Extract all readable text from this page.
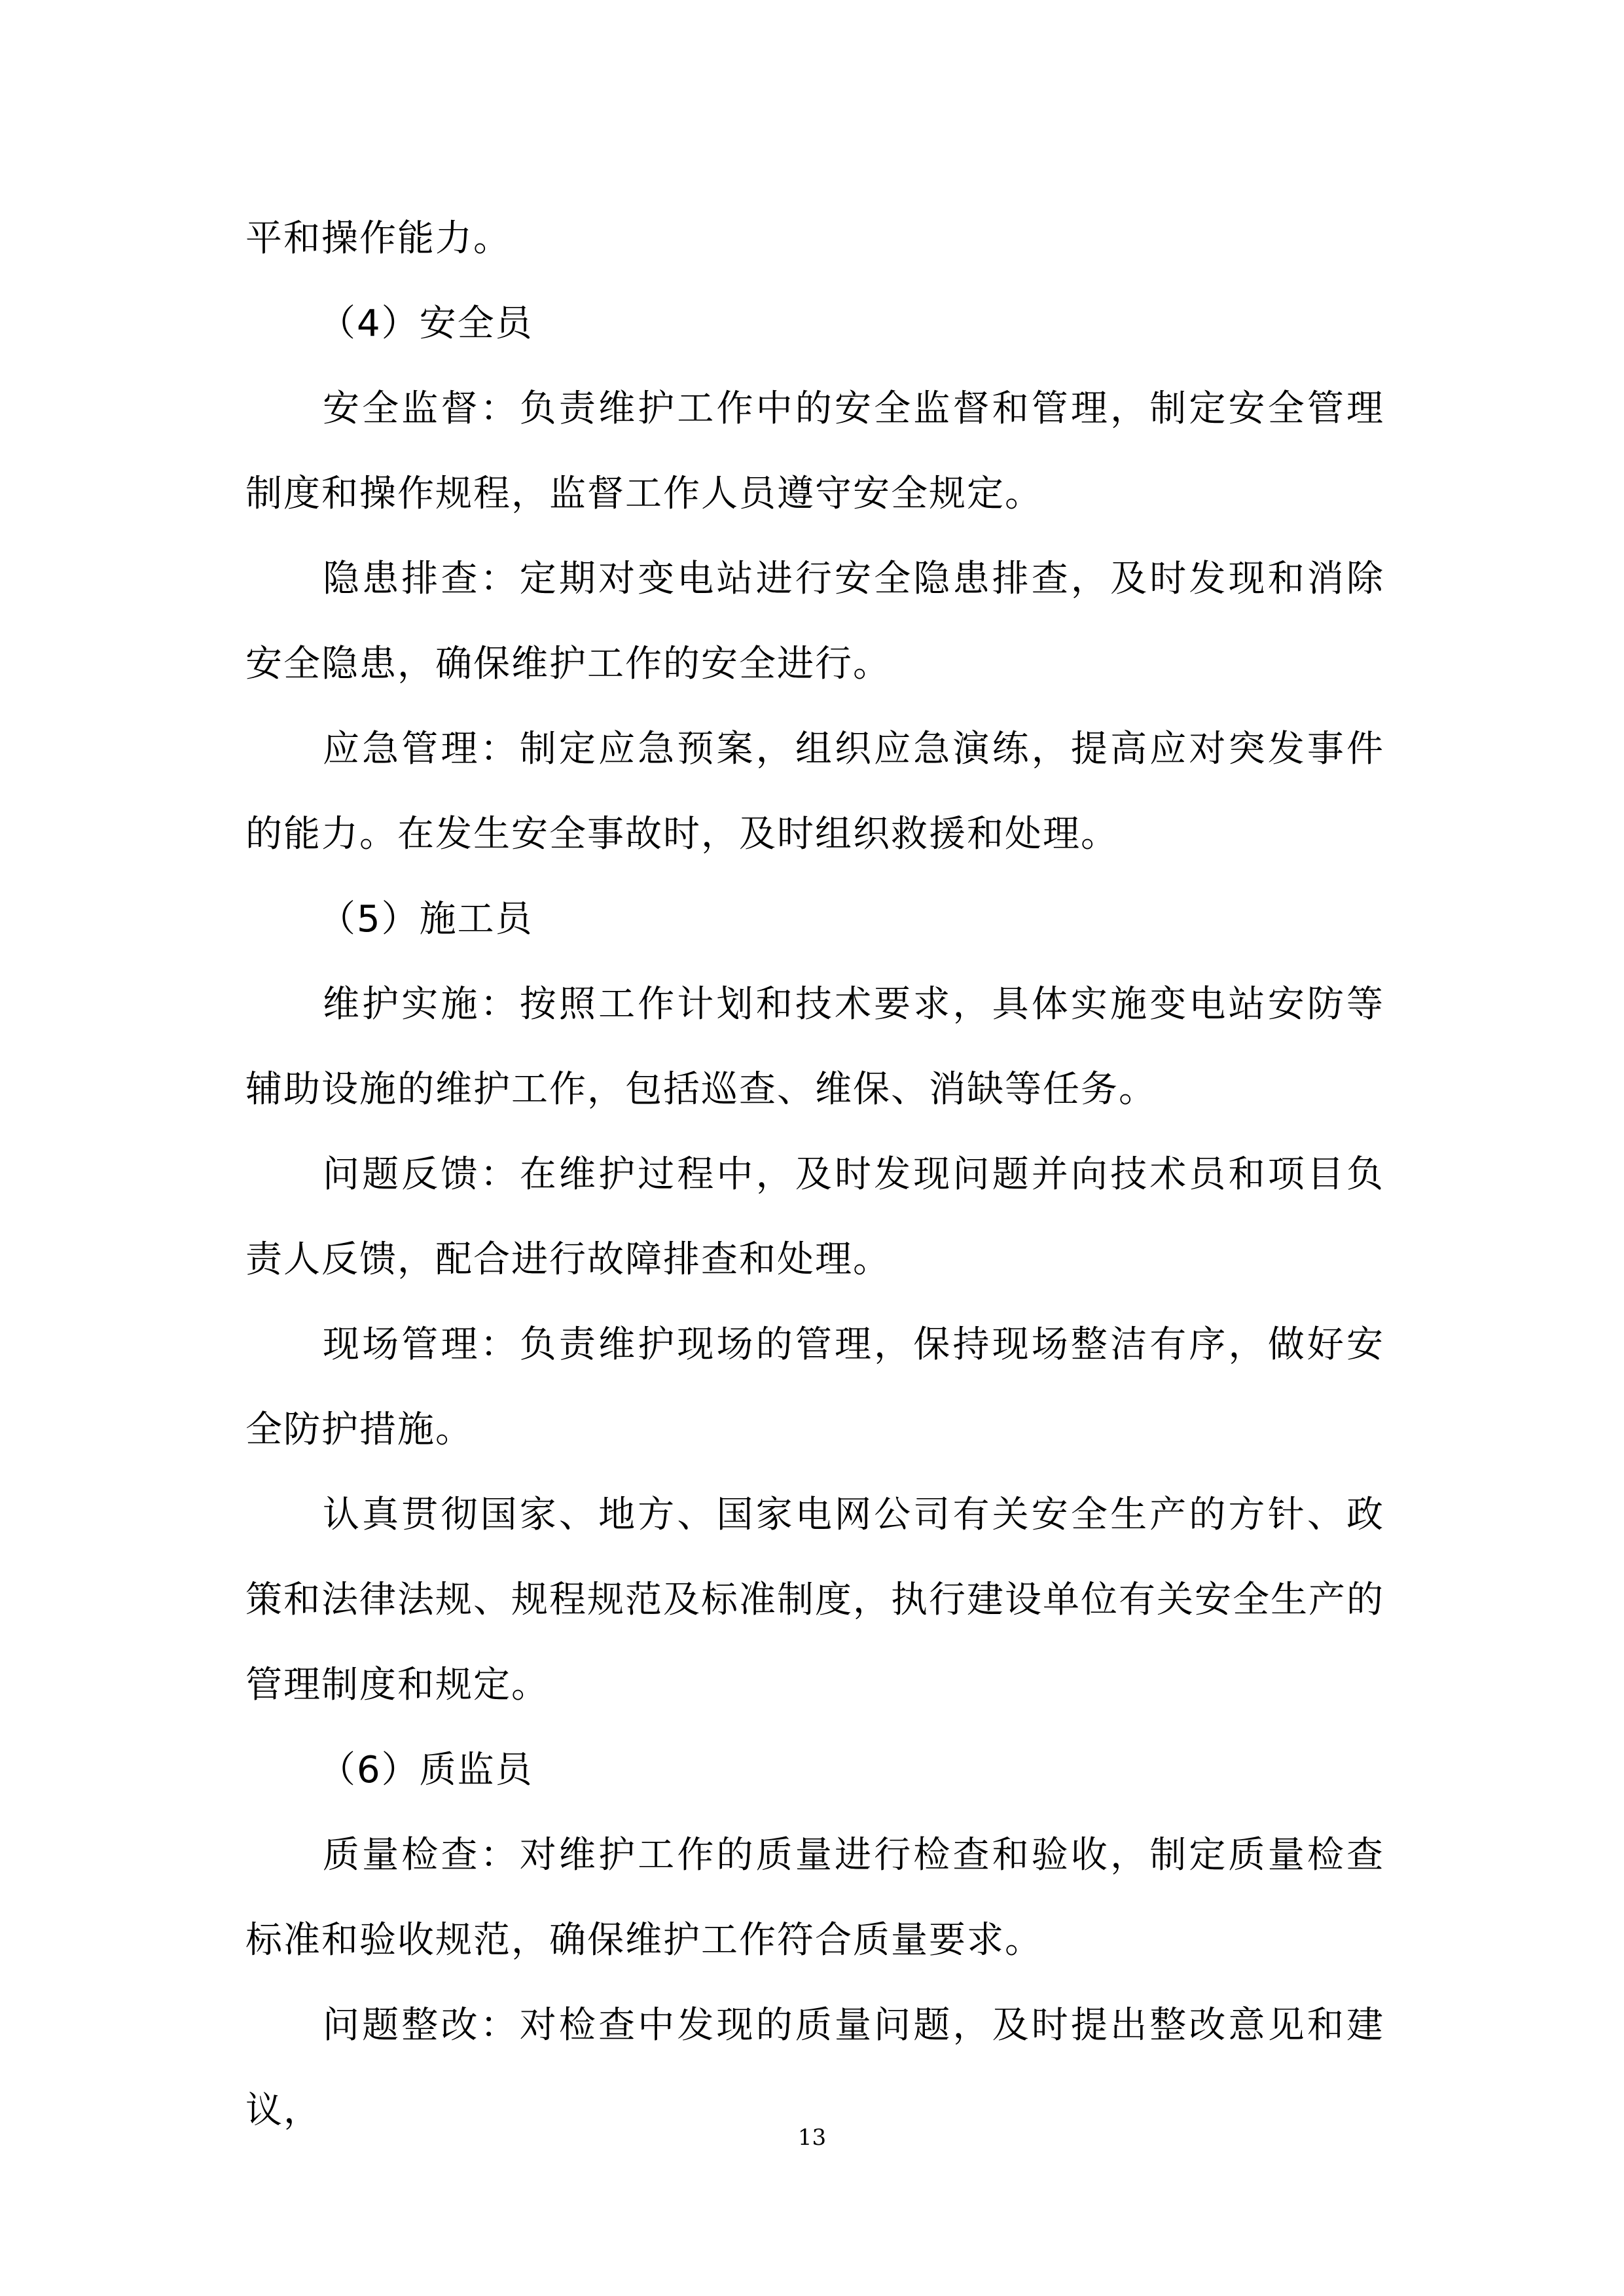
平和操作能力。

（4）安全员

安全监督：负责维护工作中的安全监督和管理，制定安全管理制度和操作规程，监督工作人员遵守安全规定。

隐患排查：定期对变电站进行安全隐患排查，及时发现和消除安全隐患，确保维护工作的安全进行。

应急管理：制定应急预案，组织应急演练，提高应对突发事件的能力。在发生安全事故时，及时组织救援和处理。

（5）施工员

维护实施：按照工作计划和技术要求，具体实施变电站安防等辅助设施的维护工作，包括巡查、维保、消缺等任务。

问题反馈：在维护过程中，及时发现问题并向技术员和项目负责人反馈，配合进行故障排查和处理。

现场管理：负责维护现场的管理，保持现场整洁有序，做好安全防护措施。

认真贯彻国家、地方、国家电网公司有关安全生产的方针、政策和法律法规、规程规范及标准制度，执行建设单位有关安全生产的管理制度和规定。

（6）质监员

质量检查：对维护工作的质量进行检查和验收，制定质量检查标准和验收规范，确保维护工作符合质量要求。

问题整改：对检查中发现的质量问题，及时提出整改意见和建议，

13
